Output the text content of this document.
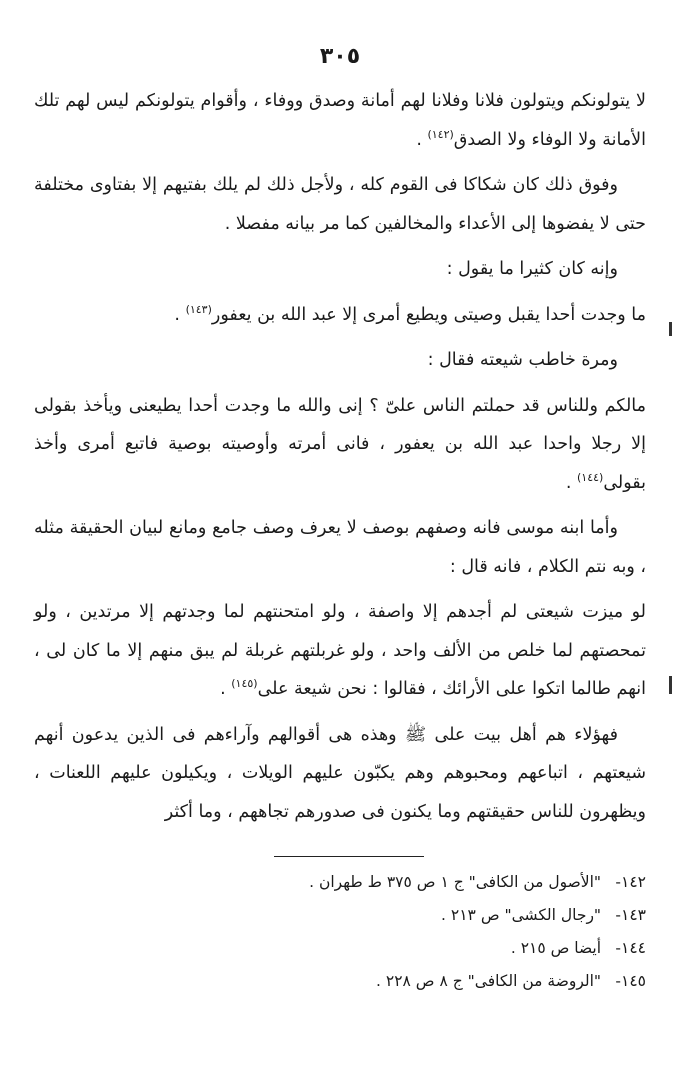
٣٠٥

لا يتولونكم ويتولون فلانا وفلانا لهم أمانة وصدق ووفاء ، وأقوام يتولونكم ليس لهم تلك الأمانة ولا الوفاء ولا الصدق$^{(١٤٢)}$ .

وفوق ذلك كان شكاكا فى القوم كله ، ولأجل ذلك لم يلك بفتيهم إلا بفتاوى مختلفة حتى لا يفضوها إلى الأعداء والمخالفين كما مر بيانه مفصلا .

وإنه كان كثيرا ما يقول :

ما وجدت أحدا يقبل وصيتى ويطيع أمرى إلا عبد الله بن يعفور$^{(١٤٣)}$ .

ومرة خاطب شيعته فقال :

مالكم وللناس قد حملتم الناس علىّ ؟ إنى والله ما وجدت أحدا يطيعنى ويأخذ بقولى إلا رجلا واحدا عبد الله بن يعفور ، فانى أمرته وأوصيته بوصية فاتبع أمرى وأخذ بقولى$^{(١٤٤)}$ .

وأما ابنه موسى فانه وصفهم بوصف لا يعرف وصف جامع ومانع لبيان الحقيقة مثله ، وبه نتم الكلام ، فانه قال :

لو ميزت شيعتى لم أجدهم إلا واصفة ، ولو امتحنتهم لما وجدتهم إلا مرتدين ، ولو تمحصتهم لما خلص من الألف واحد ، ولو غربلتهم غربلة لم يبق منهم إلا ما كان لى ، انهم طالما اتكوا على الأرائك ، فقالوا : نحن شيعة على$^{(١٤٥)}$ .

فهؤلاء هم أهل بيت على ﷺ وهذه هى أقوالهم وآراءهم فى الذين يدعون أنهم شيعتهم ، اتباعهم ومحبوهم وهم يكبّون عليهم الويلات ، ويكيلون عليهم اللعنات ، ويظهرون للناس حقيقتهم وما يكنون فى صدورهم تجاههم ، وما أكثر

١٤٢- "الأصول من الكافى" ج ١ ص ٣٧٥ ط طهران .
١٤٣- "رجال الكشى" ص ٢١٣ .
١٤٤- أيضا ص ٢١٥ .
١٤٥- "الروضة من الكافى" ج ٨ ص ٢٢٨ .
